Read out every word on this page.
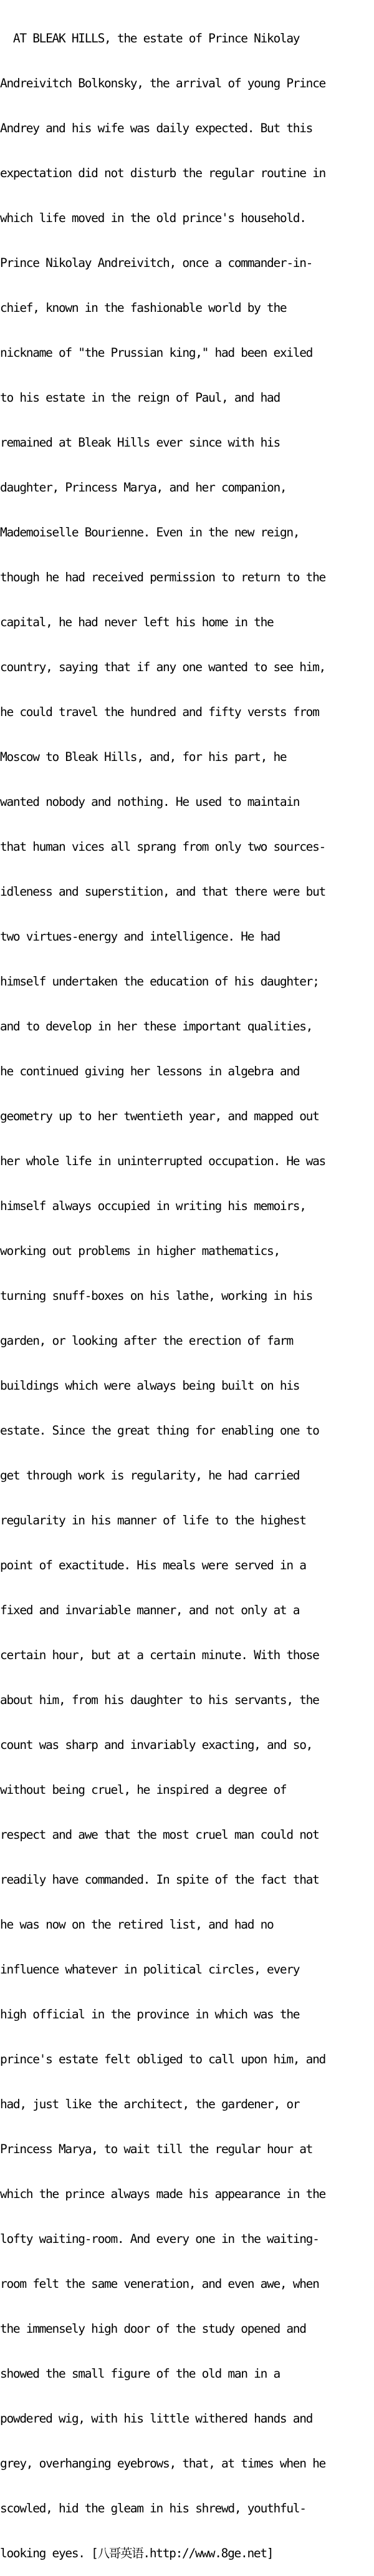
AT BLEAK HILLS, the estate of Prince Nikolay

Andreivitch Bolkonsky, the arrival of young Prince

Andrey and his wife was daily expected. But this

expectation did not disturb the regular routine in

which life moved in the old prince's household.

Prince Nikolay Andreivitch, once a commander-in-

chief, known in the fashionable world by the

nickname of "the Prussian king," had been exiled

to his estate in the reign of Paul, and had

remained at Bleak Hills ever since with his

daughter, Princess Marya, and her companion,

Mademoiselle Bourienne. Even in the new reign,

though he had received permission to return to the

capital, he had never left his home in the

country, saying that if any one wanted to see him,

he could travel the hundred and fifty versts from

Moscow to Bleak Hills, and, for his part, he

wanted nobody and nothing. He used to maintain

that human vices all sprang from only two sources-

idleness and superstition, and that there were but

two virtues-energy and intelligence. He had

himself undertaken the education of his daughter;

and to develop in her these important qualities,

he continued giving her lessons in algebra and

geometry up to her twentieth year, and mapped out

her whole life in uninterrupted occupation. He was

himself always occupied in writing his memoirs,

working out problems in higher mathematics,

turning snuff-boxes on his lathe, working in his

garden, or looking after the erection of farm

buildings which were always being built on his

estate. Since the great thing for enabling one to

get through work is regularity, he had carried

regularity in his manner of life to the highest

point of exactitude. His meals were served in a

fixed and invariable manner, and not only at a

certain hour, but at a certain minute. With those

about him, from his daughter to his servants, the

count was sharp and invariably exacting, and so,

without being cruel, he inspired a degree of

respect and awe that the most cruel man could not

readily have commanded. In spite of the fact that

he was now on the retired list, and had no

influence whatever in political circles, every

high official in the province in which was the

prince's estate felt obliged to call upon him, and

had, just like the architect, the gardener, or

Princess Marya, to wait till the regular hour at

which the prince always made his appearance in the

lofty waiting-room. And every one in the waiting-

room felt the same veneration, and even awe, when

the immensely high door of the study opened and

showed the small figure of the old man in a

powdered wig, with his little withered hands and

grey, overhanging eyebrows, that, at times when he

scowled, hid the gleam in his shrewd, youthful-

looking eyes. [八哥英语.http://www.8ge.net]
